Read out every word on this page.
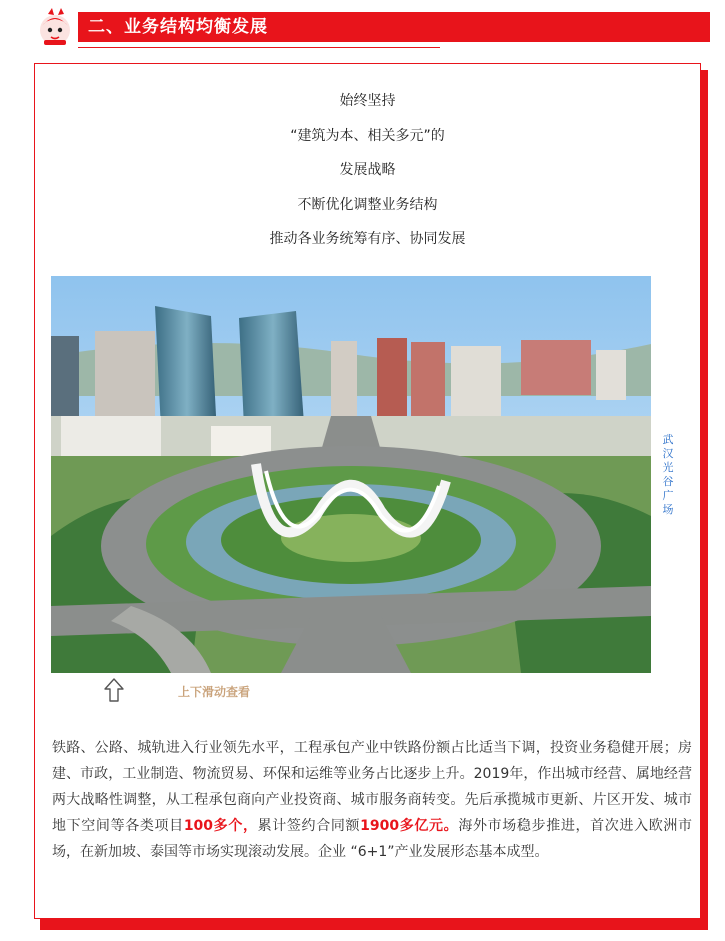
二、业务结构均衡发展
始终坚持
“建筑为本、相关多元”的
发展战略
不断优化调整业务结构
推动各业务统筹有序、协同发展
武汉光谷广场
上下滑动查看
铁路、公路、城轨进入行业领先水平，工程承包产业中铁路份额占比适当下调，投资业务稳健开展；房建、市政，工业制造、物流贸易、环保和运维等业务占比逐步上升。2019年，作出城市经营、属地经营两大战略性调整，从工程承包商向产业投资商、城市服务商转变。先后承揽城市更新、片区开发、城市地下空间等各类项目100多个，累计签约合同额1900多亿元。海外市场稳步推进，首次进入欧洲市场，在新加坡、泰国等市场实现滚动发展。企业 “6+1”产业发展形态基本成型。
